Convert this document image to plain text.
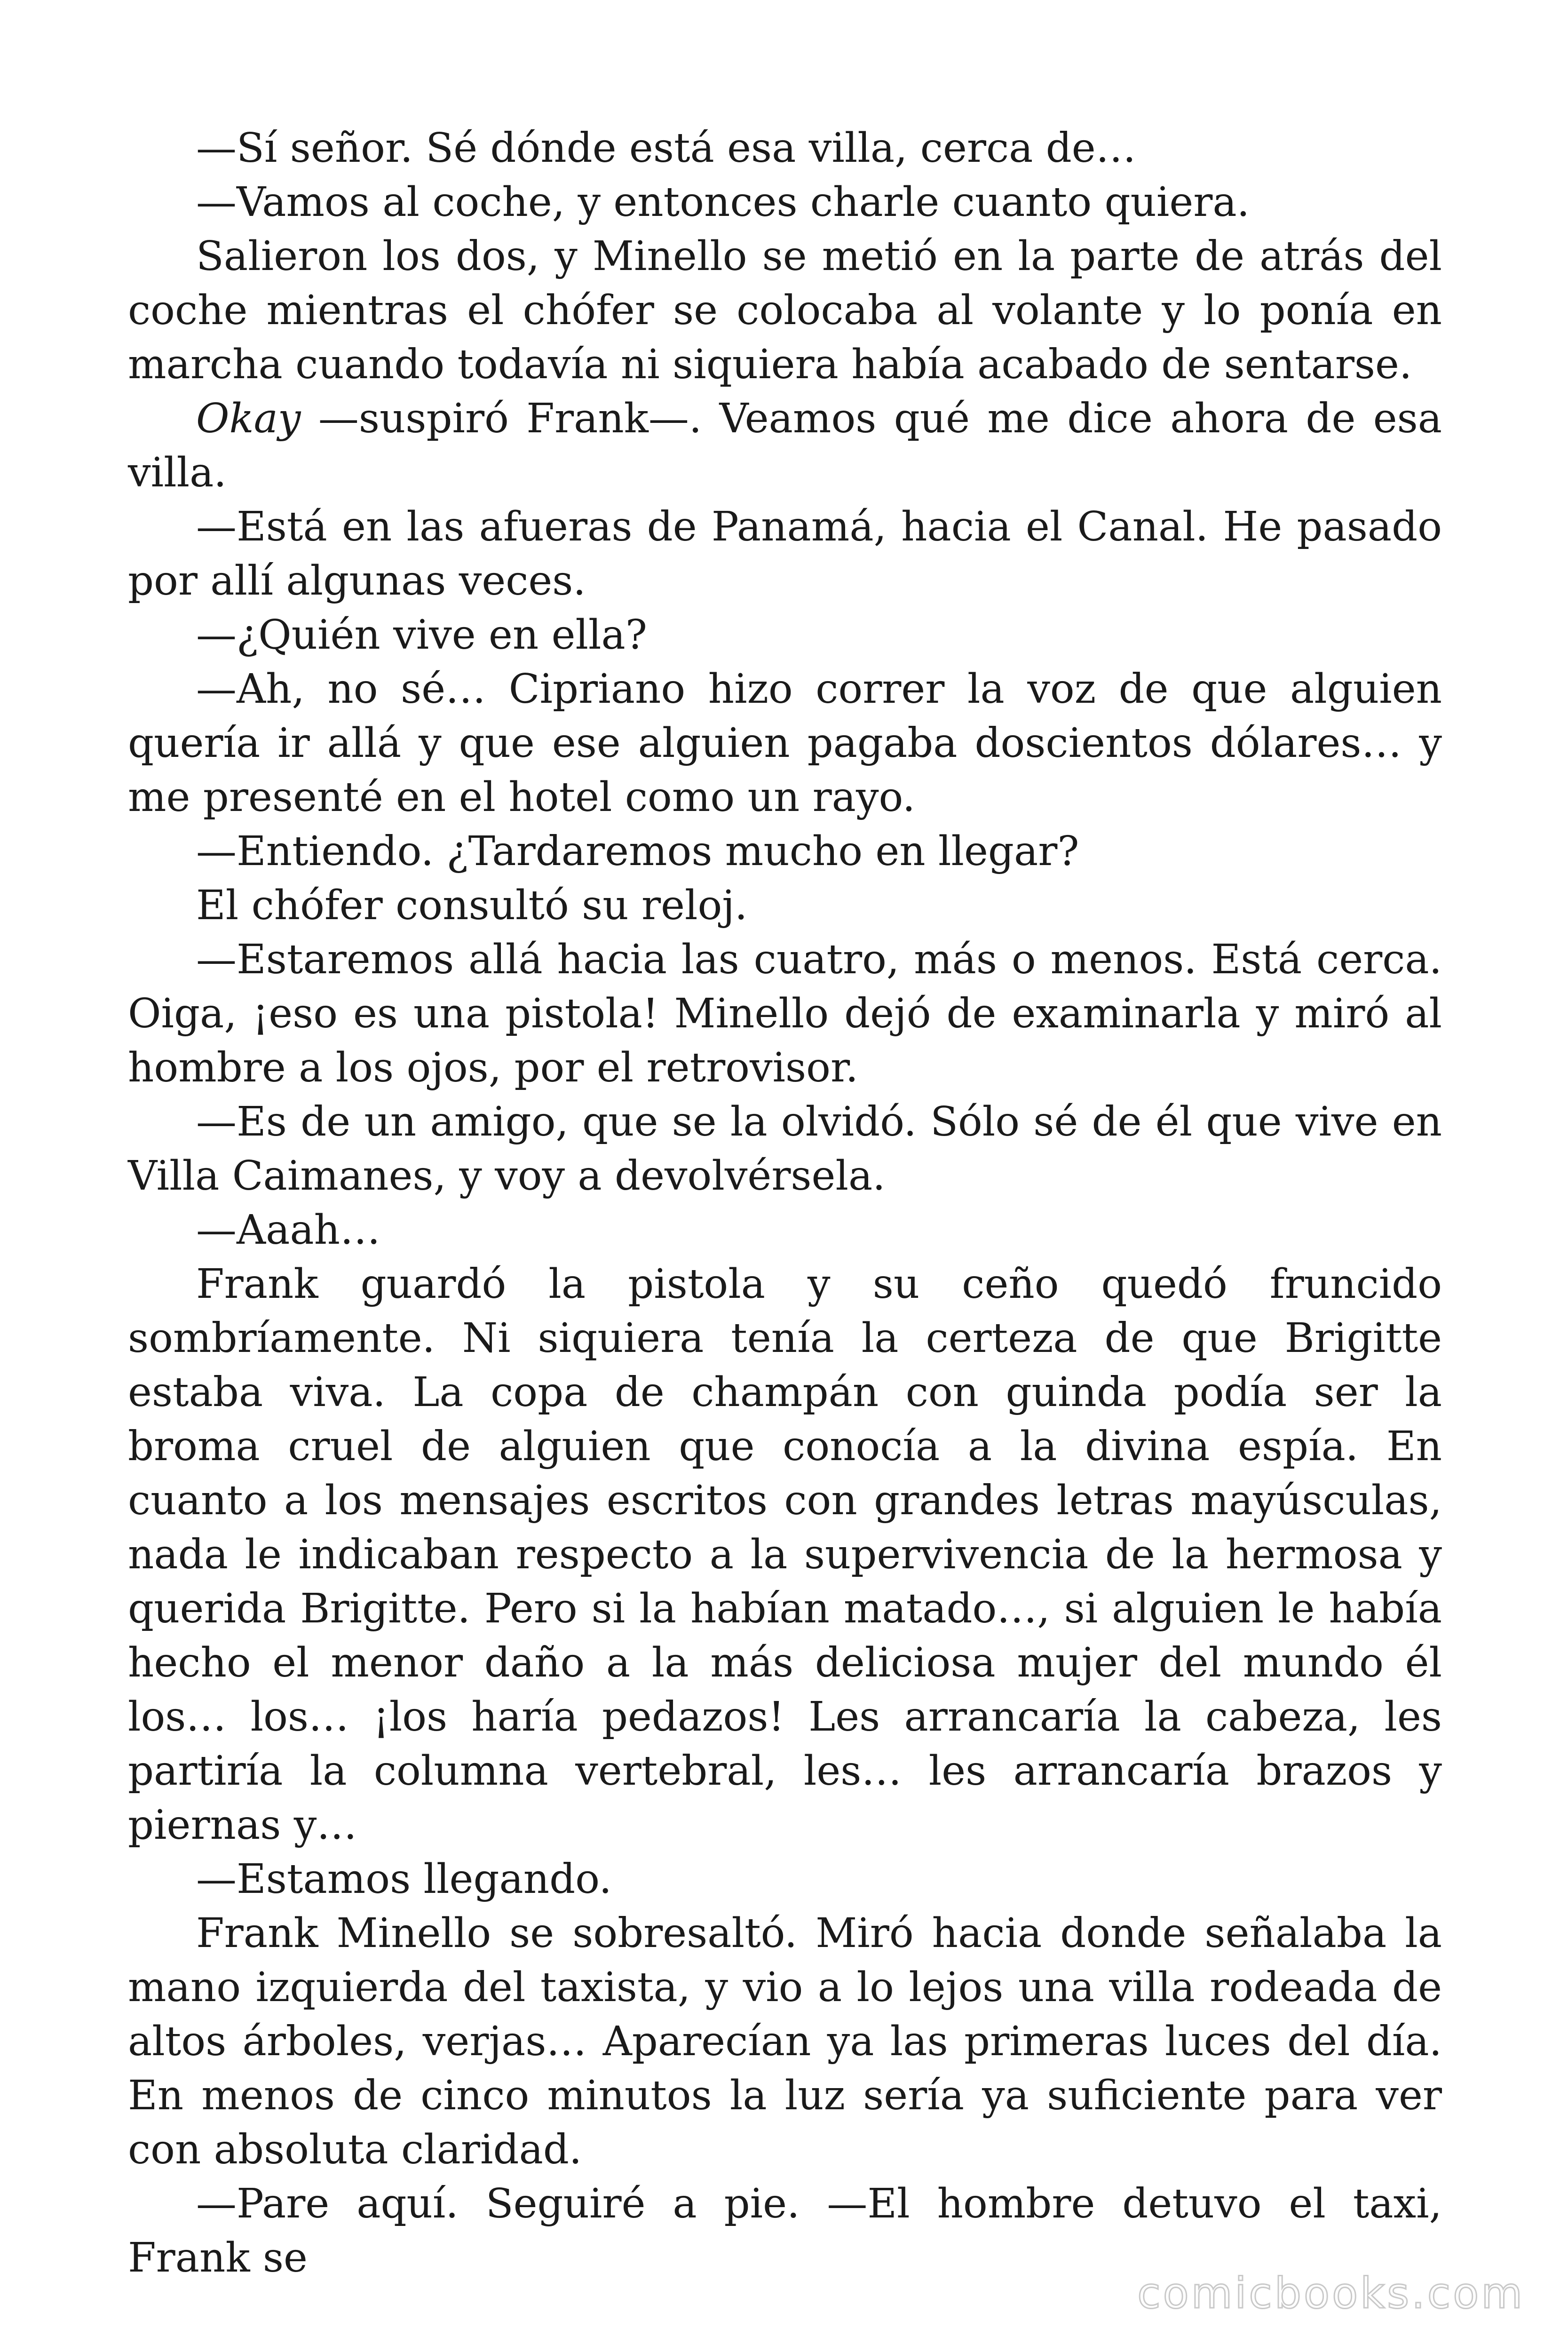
—Sí señor. Sé dónde está esa villa, cerca de…

—Vamos al coche, y entonces charle cuanto quiera.

Salieron los dos, y Minello se metió en la parte de atrás del coche mientras el chófer se colocaba al volante y lo ponía en marcha cuando todavía ni siquiera había acabado de sentarse.

Okay —suspiró Frank—. Veamos qué me dice ahora de esa villa.

—Está en las afueras de Panamá, hacia el Canal. He pasado por allí algunas veces.

—¿Quién vive en ella?

—Ah, no sé… Cipriano hizo correr la voz de que alguien quería ir allá y que ese alguien pagaba doscientos dólares… y me presenté en el hotel como un rayo.

—Entiendo. ¿Tardaremos mucho en llegar?

El chófer consultó su reloj.

—Estaremos allá hacia las cuatro, más o menos. Está cerca. Oiga, ¡eso es una pistola! Minello dejó de examinarla y miró al hombre a los ojos, por el retrovisor.

—Es de un amigo, que se la olvidó. Sólo sé de él que vive en Villa Caimanes, y voy a devolvérsela.

—Aaah…

Frank guardó la pistola y su ceño quedó fruncido sombríamente. Ni siquiera tenía la certeza de que Brigitte estaba viva. La copa de champán con guinda podía ser la broma cruel de alguien que conocía a la divina espía. En cuanto a los mensajes escritos con grandes letras mayúsculas, nada le indicaban respecto a la supervivencia de la hermosa y querida Brigitte. Pero si la habían matado…, si alguien le había hecho el menor daño a la más deliciosa mujer del mundo él los… los… ¡los haría pedazos! Les arrancaría la cabeza, les partiría la columna vertebral, les… les arrancaría brazos y piernas y…

—Estamos llegando.

Frank Minello se sobresaltó. Miró hacia donde señalaba la mano izquierda del taxista, y vio a lo lejos una villa rodeada de altos árboles, verjas… Aparecían ya las primeras luces del día. En menos de cinco minutos la luz sería ya suficiente para ver con absoluta claridad.

—Pare aquí. Seguiré a pie. —El hombre detuvo el taxi, Frank se

comicbooks.com
